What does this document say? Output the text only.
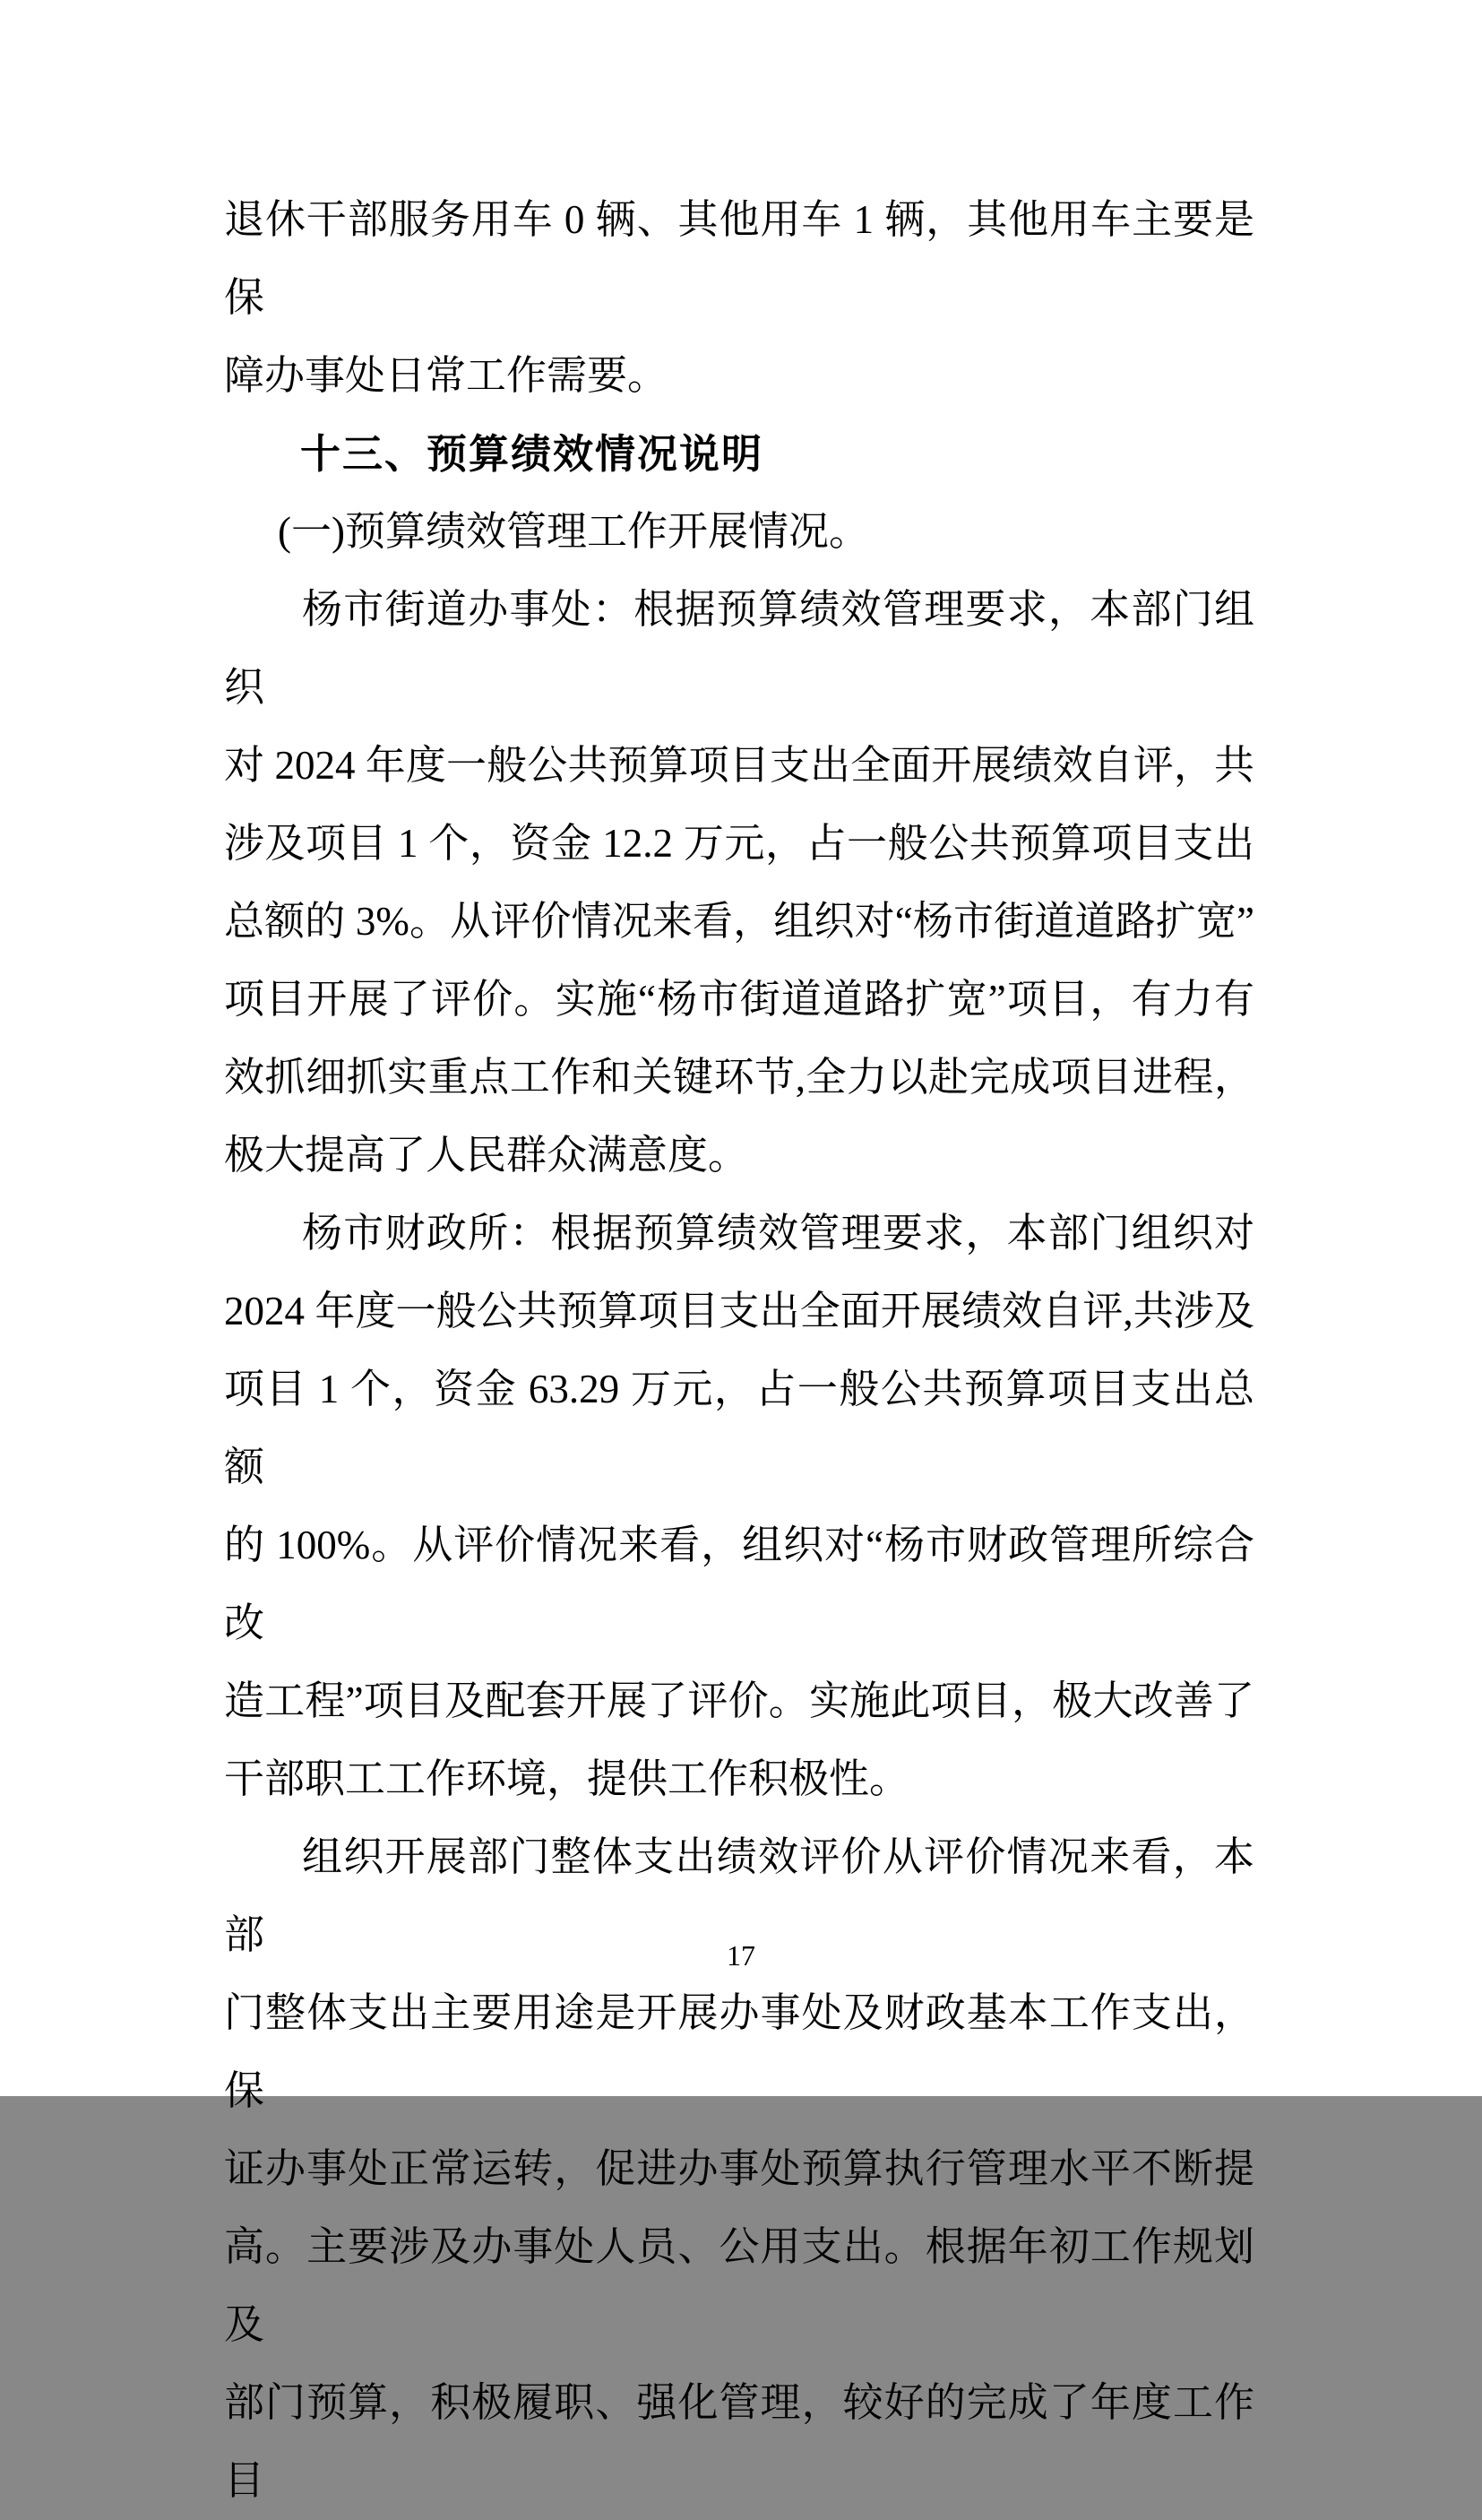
退休干部服务用车 0 辆、其他用车 1 辆，其他用车主要是保
障办事处日常工作需要。
十三、预算绩效情况说明
(一)预算绩效管理工作开展情况。
杨市街道办事处：根据预算绩效管理要求，本部门组织
对 2024 年度一般公共预算项目支出全面开展绩效自评，共
涉及项目 1 个，资金 12.2 万元，占一般公共预算项目支出
总额的 3%。从评价情况来看，组织对“杨市街道道路扩宽”
项目开展了评价。实施“杨市街道道路扩宽”项目，有力有
效抓细抓实重点工作和关键环节,全力以赴完成项目进程，
极大提高了人民群众满意度。
杨市财政所：根据预算绩效管理要求，本部门组织对
2024 年度一般公共预算项目支出全面开展绩效自评,共涉及
项目 1 个，资金 63.29 万元，占一般公共预算项目支出总额
的 100%。从评价情况来看，组织对“杨市财政管理所综合改
造工程”项目及配套开展了评价。实施此项目，极大改善了
干部职工工作环境，提供工作积极性。
组织开展部门整体支出绩效评价从评价情况来看，本部
门整体支出主要用途是开展办事处及财政基本工作支出，保
证办事处正常运转，促进办事处预算执行管理水平不断提
高。主要涉及办事处人员、公用支出。根据年初工作规划及
部门预算，积极履职、强化管理，较好的完成了年度工作目
17
